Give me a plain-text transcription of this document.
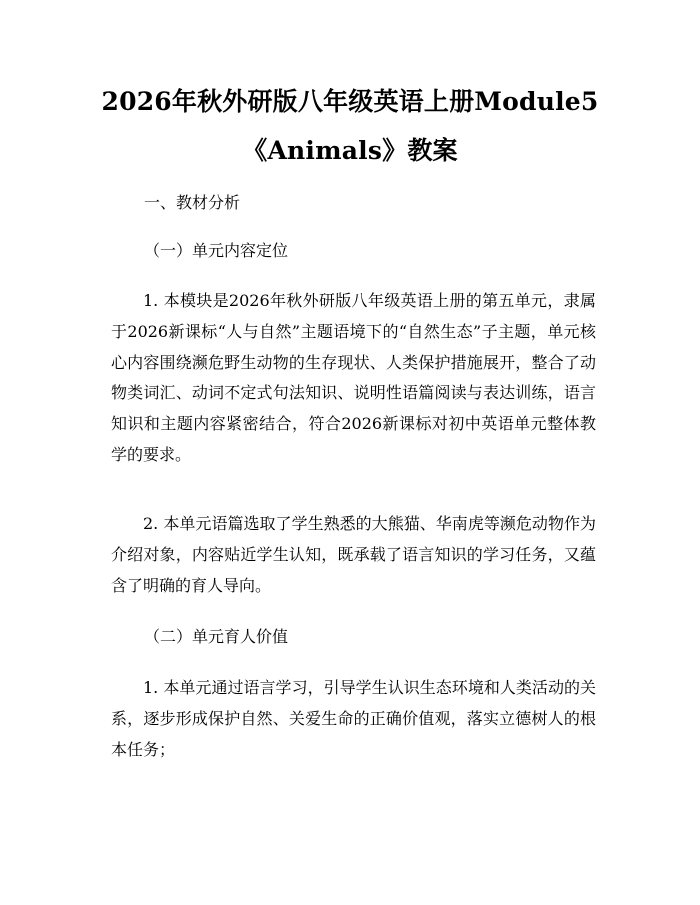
2026年秋外研版八年级英语上册Module5
《Animals》教案
一、教材分析
（一）单元内容定位

1. 本模块是2026年秋外研版八年级英语上册的第五单元，隶属于2026新课标“人与自然”主题语境下的“自然生态”子主题，单元核心内容围绕濒危野生动物的生存现状、人类保护措施展开，整合了动物类词汇、动词不定式句法知识、说明性语篇阅读与表达训练，语言知识和主题内容紧密结合，符合2026新课标对初中英语单元整体教学的要求。

2. 本单元语篇选取了学生熟悉的大熊猫、华南虎等濒危动物作为介绍对象，内容贴近学生认知，既承载了语言知识的学习任务，又蕴含了明确的育人导向。

（二）单元育人价值

1. 本单元通过语言学习，引导学生认识生态环境和人类活动的关系，逐步形成保护自然、关爱生命的正确价值观，落实立德树人的根本任务；
